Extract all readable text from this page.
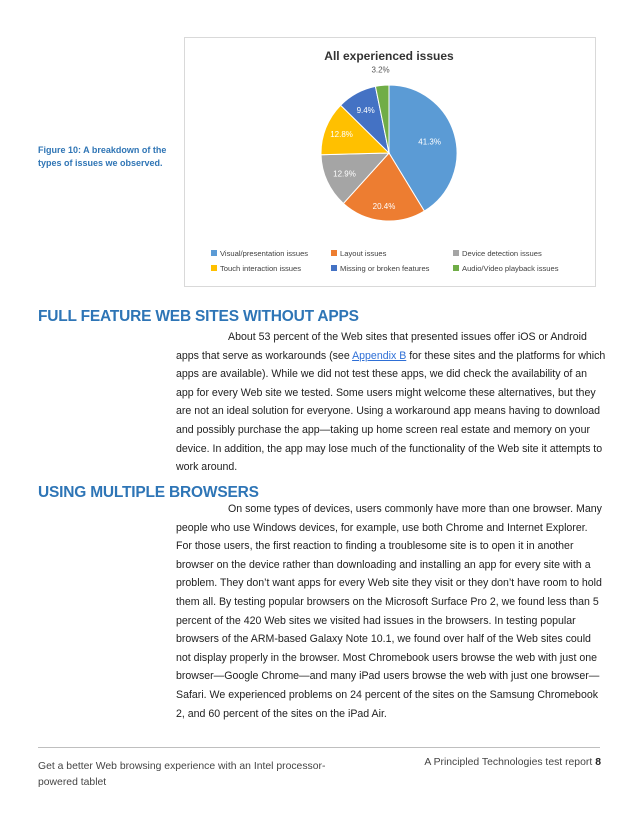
All experienced issues
41.3%
20.4%
12.9%
12.8%
9.4%
3.2%
Visual/presentation issues	Layout issues	Device detection issues
Touch interaction issues	Missing or broken features	Audio/Video playback issues
Figure 10: A breakdown of the types of issues we observed.
FULL FEATURE WEB SITES WITHOUT APPS
About 53 percent of the Web sites that presented issues offer iOS or Android apps that serve as workarounds (see Appendix B for these sites and the platforms for which apps are available). While we did not test these apps, we did check the availability of an app for every Web site we tested. Some users might welcome these alternatives, but they are not an ideal solution for everyone. Using a workaround app means having to download and possibly purchase the app—taking up home screen real estate and memory on your device. In addition, the app may lose much of the functionality of the Web site it attempts to work around.
USING MULTIPLE BROWSERS
On some types of devices, users commonly have more than one browser. Many people who use Windows devices, for example, use both Chrome and Internet Explorer. For those users, the first reaction to finding a troublesome site is to open it in another browser on the device rather than downloading and installing an app for every site with a problem. They don’t want apps for every Web site they visit or they don’t have room to hold them all. By testing popular browsers on the Microsoft Surface Pro 2, we found less than 5 percent of the 420 Web sites we visited had issues in the browsers. In testing popular browsers of the ARM-based Galaxy Note 10.1, we found over half of the Web sites could not display properly in the browser. Most Chromebook users browse the web with just one browser—Google Chrome—and many iPad users browse the web with just one browser—Safari. We experienced problems on 24 percent of the sites on the Samsung Chromebook 2, and 60 percent of the sites on the iPad Air.
Get a better Web browsing experience with an Intel processor-powered tablet
A Principled Technologies test report 8
